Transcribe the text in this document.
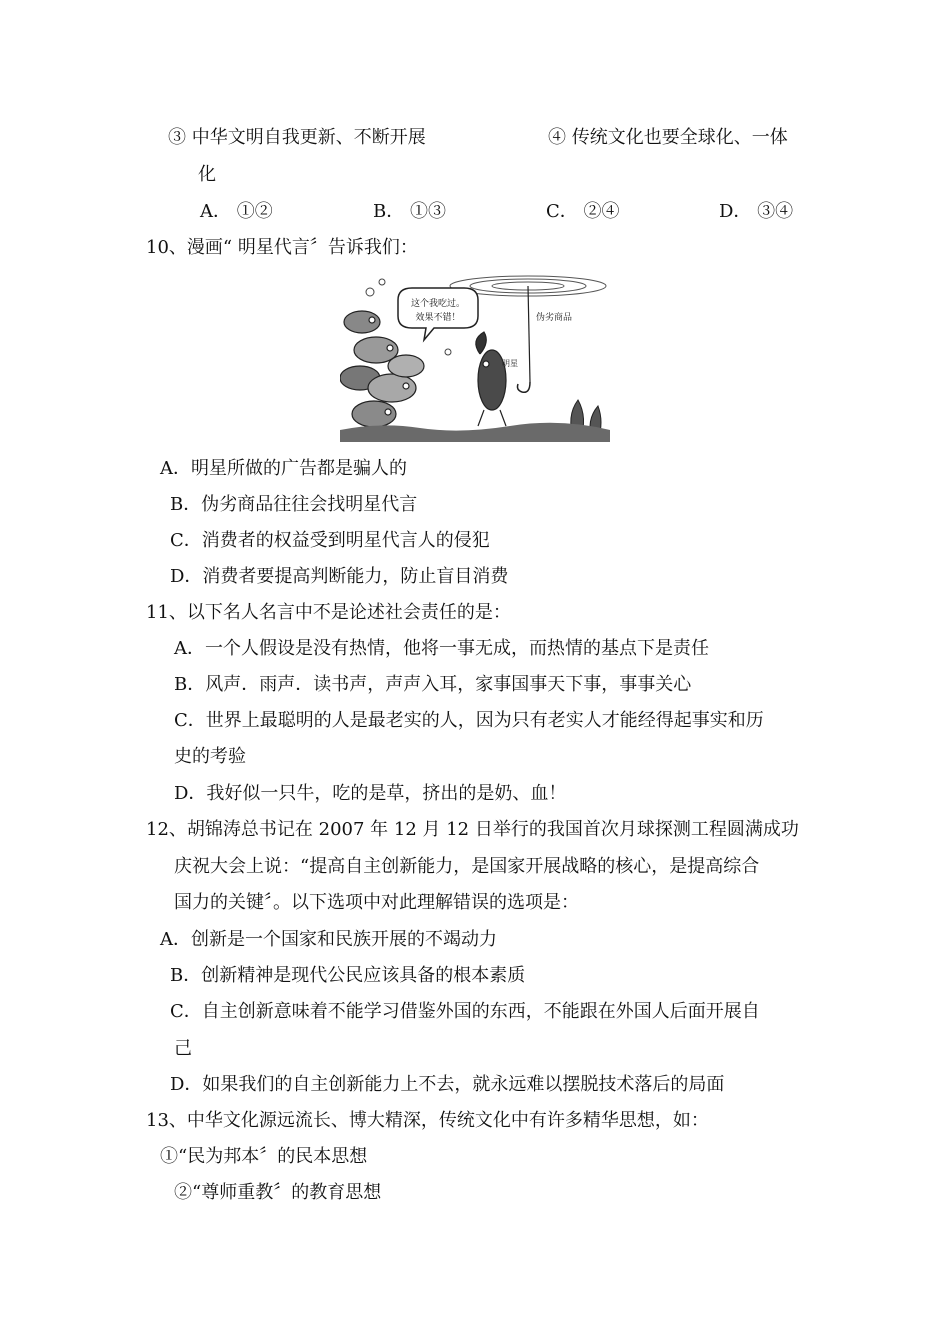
③ 中华文明自我更新、不断开展	④ 传统文化也要全球化、一体
化
A． ①②	B． ①③	C． ②④	D． ③④
10、漫画“ 明星代言〞告诉我们：
伪劣商品
这个我吃过。
效果不错！
明星
A．明星所做的广告都是骗人的
B．伪劣商品往往会找明星代言
C．消费者的权益受到明星代言人的侵犯
D．消费者要提高判断能力，防止盲目消费
11、以下名人名言中不是论述社会责任的是：
A．一个人假设是没有热情，他将一事无成，而热情的基点下是责任
B．风声．雨声．读书声，声声入耳，家事国事天下事，事事关心
C．世界上最聪明的人是最老实的人，因为只有老实人才能经得起事实和历
史的考验
D．我好似一只牛，吃的是草，挤出的是奶、血！
12、胡锦涛总书记在 2007 年 12 月 12 日举行的我国首次月球探测工程圆满成功
庆祝大会上说：“提高自主创新能力，是国家开展战略的核心，是提高综合
国力的关键〞。以下选项中对此理解错误的选项是：
A．创新是一个国家和民族开展的不竭动力
B．创新精神是现代公民应该具备的根本素质
C．自主创新意味着不能学习借鉴外国的东西，不能跟在外国人后面开展自
己
D．如果我们的自主创新能力上不去，就永远难以摆脱技术落后的局面
13、中华文化源远流长、博大精深，传统文化中有许多精华思想，如：
①“民为邦本〞的民本思想
②“尊师重教〞的教育思想
